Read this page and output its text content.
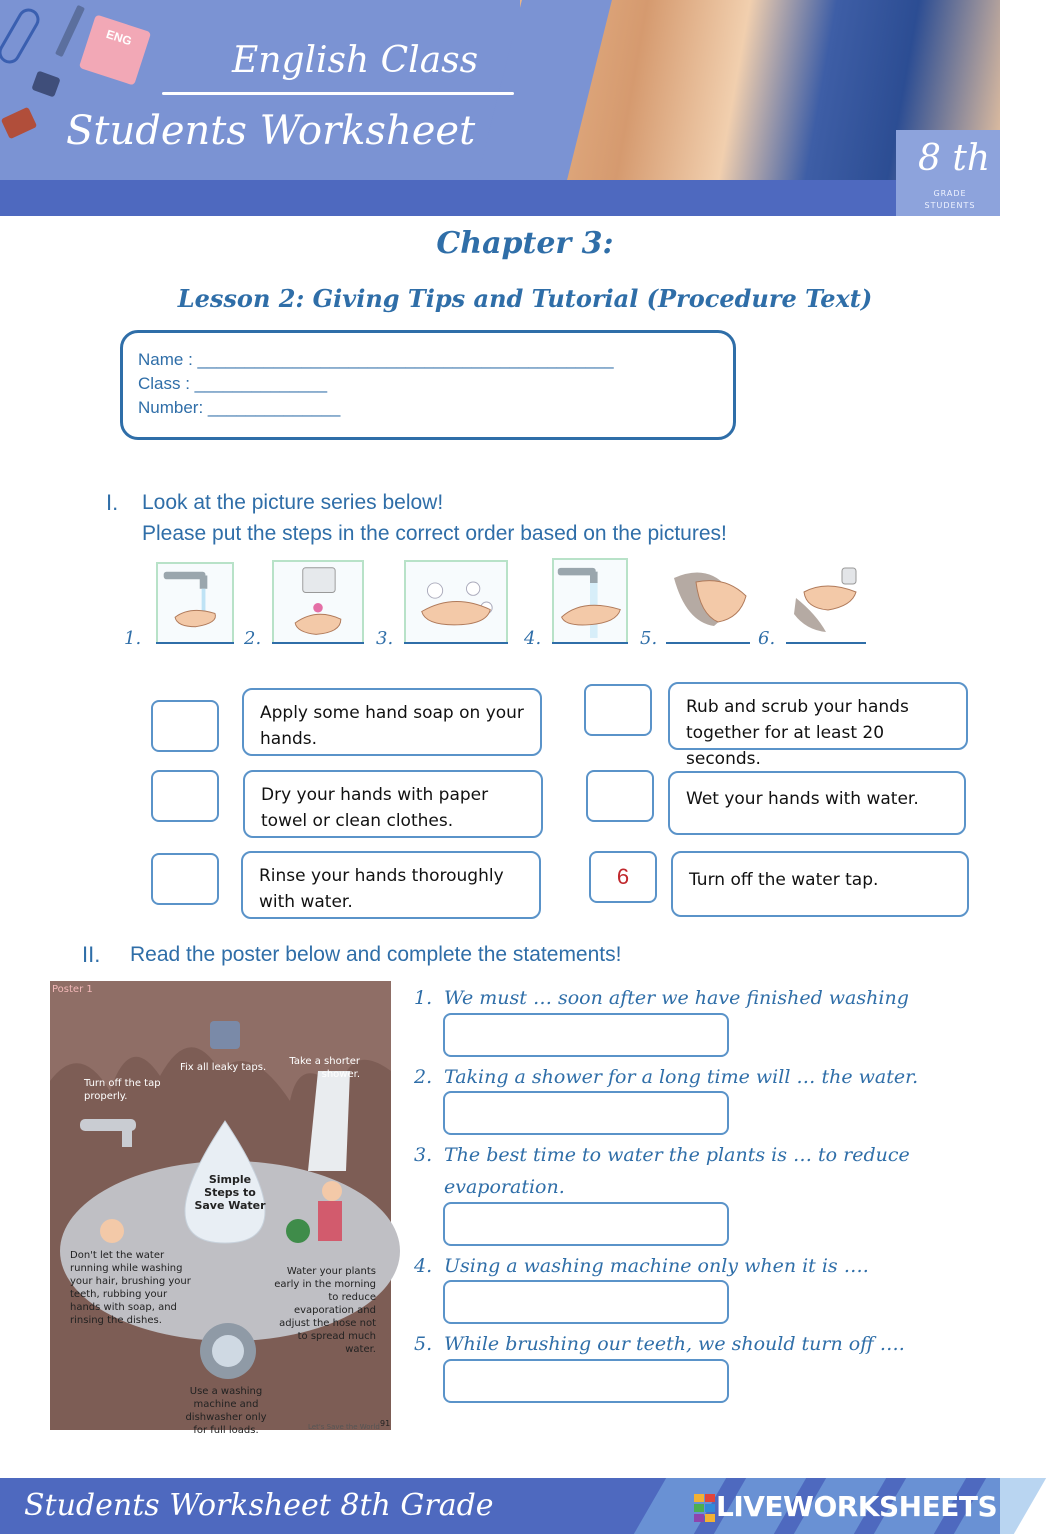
ENG
English Class
Students Worksheet
8 th
GRADE
STUDENTS
Chapter 3:
Lesson 2: Giving Tips and Tutorial (Procedure Text)
Name : ____________________________________________
Class : ______________
Number: ______________
I. Look at the picture series below!
Please put the steps in the correct order based on the pictures!
1.	2.	3.	4.	5.	6.
Apply some hand soap on your hands.
Dry your hands with paper towel or clean clothes.
Rinse your hands thoroughly with water.
Rub and scrub your hands together for at least 20 seconds.
Wet your hands with water.
6	Turn off the water tap.
II. Read the poster below and complete the statements!
Poster 1
Simple Steps to Save Water
Fix all leaky taps.
Take a shorter shower.
Turn off the tap properly.
Don't let the water running while washing your hair, brushing your teeth, rubbing your hands with soap, and rinsing the dishes.
Water your plants early in the morning to reduce evaporation and adjust the hose not to spread much water.
Use a washing machine and dishwasher only for full loads.	Let's Save the World 91
1. We must … soon after we have finished washing
2. Taking a shower for a long time will … the water.
3. The best time to water the plants is … to reduce evaporation.
4. Using a washing machine only when it is ….
5. While brushing our teeth, we should turn off ….
Students Worksheet 8th Grade	LIVEWORKSHEETS
